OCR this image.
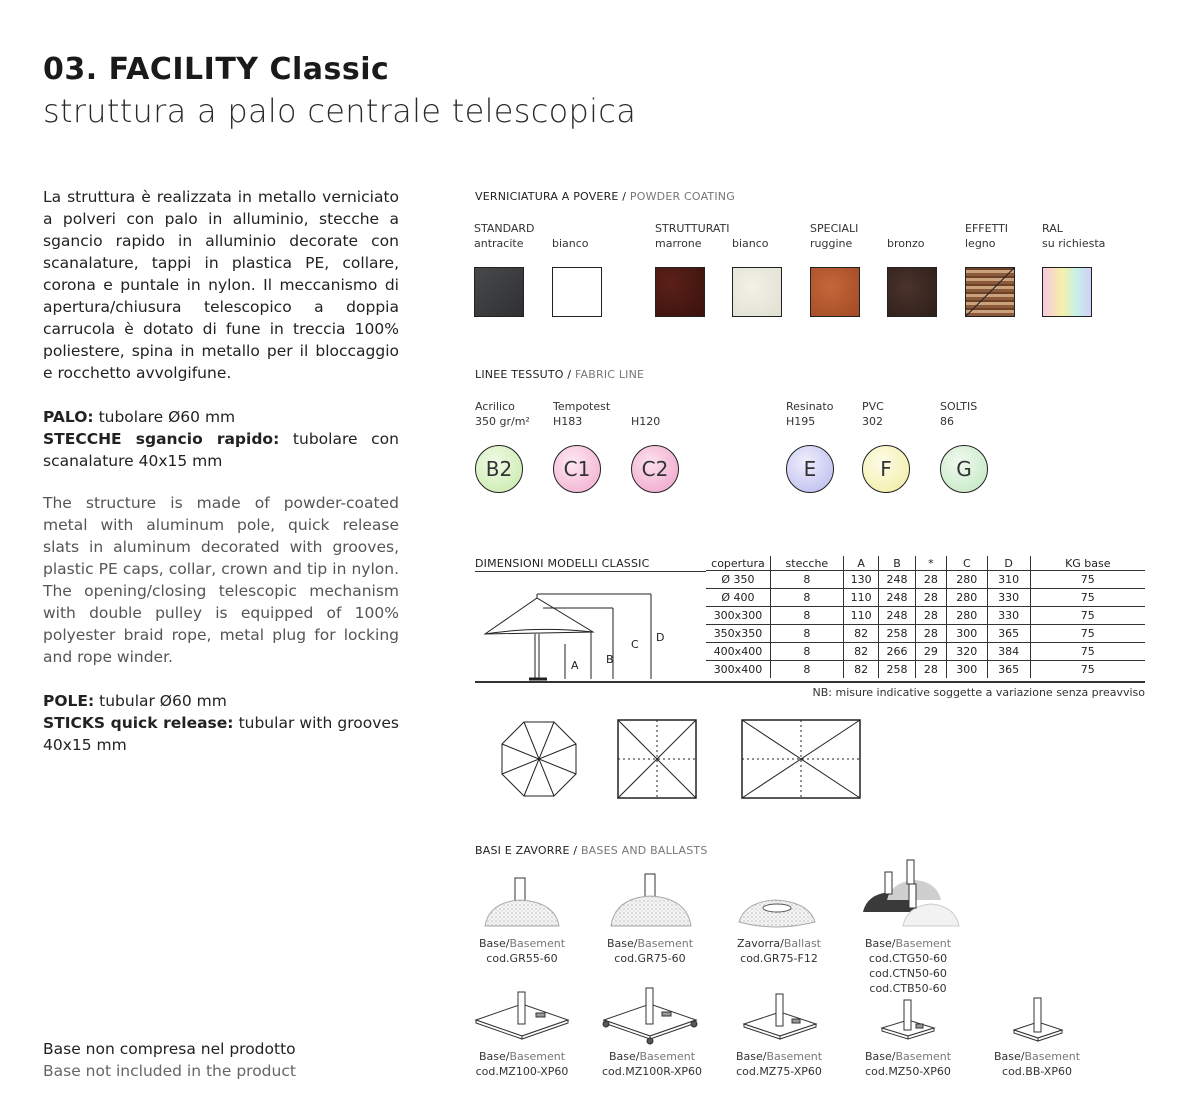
03. FACILITY Classic
struttura a palo centrale telescopica
La struttura è realizzata in metallo verniciato a polveri con palo in alluminio, stecche a sgancio rapido in alluminio decorate con scanalature, tappi in plastica PE, collare, corona e puntale in nylon. Il meccanismo di apertura/chiusura telescopico a doppia carrucola è dotato di fune in treccia 100% poliestere, spina in metallo per il bloccaggio e rocchetto avvolgifune.
PALO: tubolare Ø60 mm
STECCHE sgancio rapido: tubolare con scanalature 40x15 mm
The structure is made of powder-coated metal with aluminum pole, quick release slats in aluminum decorated with grooves, plastic PE caps, collar, crown and tip in nylon. The opening/closing telescopic mechanism with double pulley is equipped of 100% polyester braid rope, metal plug for locking and rope winder.
POLE: tubular Ø60 mm
STICKS quick release: tubular with grooves 40x15 mm
Base non compresa nel prodotto
Base not included in the product
VERNICIATURA A POVERE / POWDER COATING
STANDARD
antracite	bianco
STRUTTURATI
marrone	bianco
SPECIALI
ruggine	bronzo
EFFETTI
legno
RAL
su richiesta
LINEE TESSUTO / FABRIC LINE
Acrilico
350 gr/m²
B2
Tempotest
H183
C1
H120
C2
Resinato
H195
E
PVC
302
F
SOLTIS
86
G
DIMENSIONI MODELLI CLASSIC	copertura	stecche	A	B	*	C	D	KG base
Ø 350	8	130	248	28	280	310	75
Ø 400	8	110	248	28	280	330	75
300x300	8	110	248	28	280	330	75
350x350	8	82	258	28	300	365	75
400x400	8	82	266	29	320	384	75
300x400	8	82	258	28	300	365	75
NB: misure indicative soggette a variazione senza preavviso
A B
C
D
BASI E ZAVORRE / BASES AND BALLASTS
Base/Basement
cod.GR55-60
Base/Basement
cod.GR75-60
Zavorra/Ballast
cod.GR75-F12
Base/Basement
cod.CTG50-60
cod.CTN50-60
cod.CTB50-60
Base/Basement
cod.MZ100-XP60
Base/Basement
cod.MZ100R-XP60
Base/Basement
cod.MZ75-XP60
Base/Basement
cod.MZ50-XP60
Base/Basement
cod.BB-XP60
